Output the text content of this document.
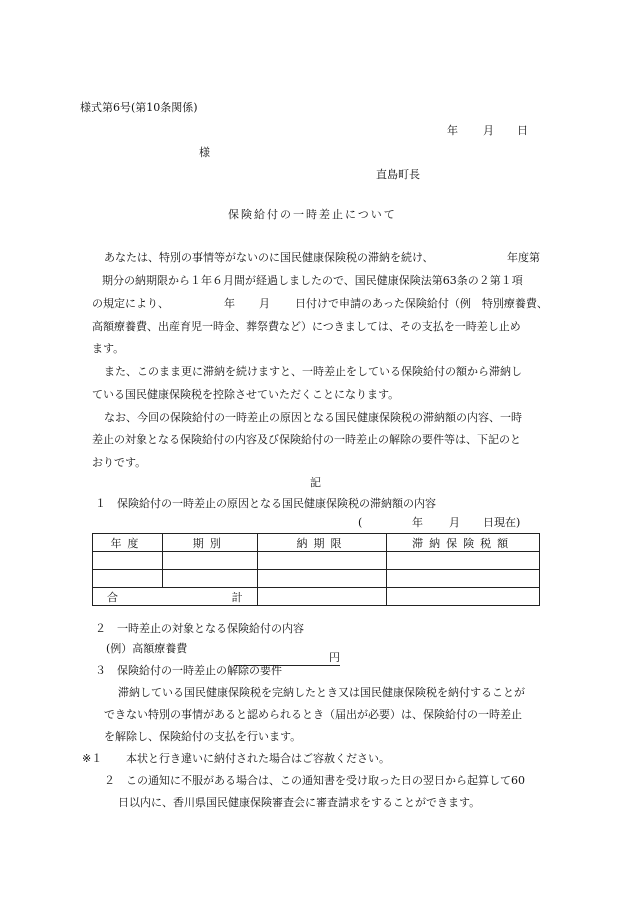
様式第6号(第10条関係)
年 月 日
様
直島町長
保険給付の一時差止について
あなたは、特別の事情等がないのに国民健康保険税の滞納を続け、	年度第
期分の納期限から１年６月間が経過しましたので、国民健康保険法第63条の２第１項
の規定により、	年 月 日付けで申請のあった保険給付（例　特別療養費、
高額療養費、出産育児一時金、葬祭費など）につきましては、その支払を一時差し止め
ます。
また、このまま更に滞納を続けますと、一時差止をしている保険給付の額から滞納し
ている国民健康保険税を控除させていただくことになります。
なお、今回の保険給付の一時差止の原因となる国民健康保険税の滞納額の内容、一時
差止の対象となる保険給付の内容及び保険給付の一時差止の解除の要件等は、下記のと
おりです。
記
１　保険給付の一時差止の原因となる国民健康保険税の滞納額の内容
(	年 月 日現在)
年度	期別	納期限	滞納保険税額

合 計			

２　一時差止の対象となる保険給付の内容
(例）高額療養費
円
３　保険給付の一時差止の解除の要件
滞納している国民健康保険税を完納したとき又は国民健康保険税を納付することが
できない特別の事情があると認められるとき（届出が必要）は、保険給付の一時差止
を解除し、保険給付の支払を行います。
※１ 本状と行き違いに納付された場合はご容赦ください。
２ この通知に不服がある場合は、この通知書を受け取った日の翌日から起算して60
日以内に、香川県国民健康保険審査会に審査請求をすることができます。
